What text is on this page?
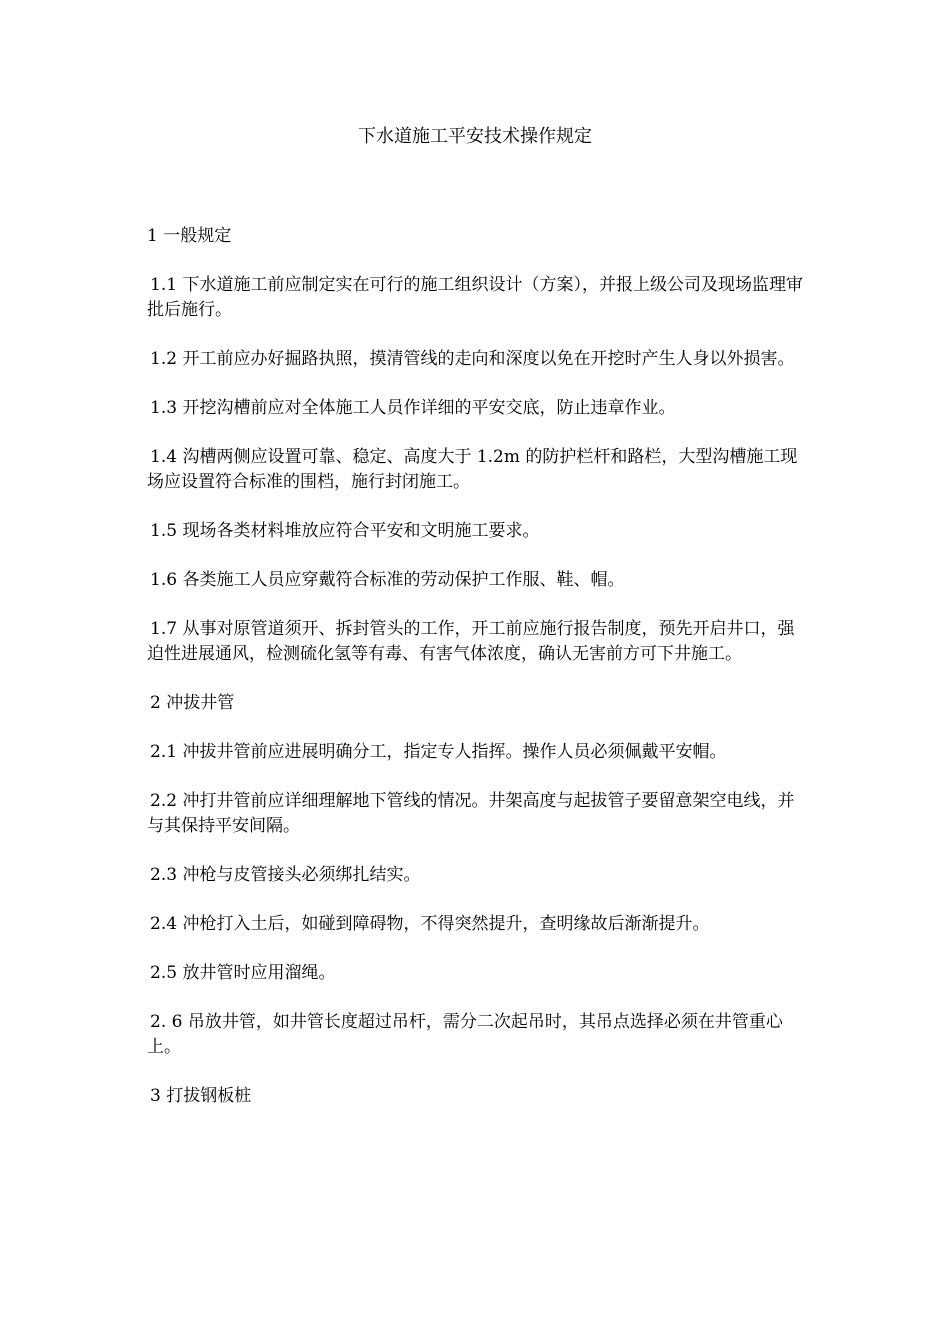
下水道施工平安技术操作规定

1 一般规定

1.1 下水道施工前应制定实在可行的施工组织设计（方案），并报上级公司及现场监理审批后施行。

1.2 开工前应办好掘路执照，摸清管线的走向和深度以免在开挖时产生人身以外损害。

1.3 开挖沟槽前应对全体施工人员作详细的平安交底，防止违章作业。

1.4 沟槽两侧应设置可靠、稳定、高度大于 1.2m 的防护栏杆和路栏，大型沟槽施工现场应设置符合标准的围档，施行封闭施工。

1.5 现场各类材料堆放应符合平安和文明施工要求。

1.6 各类施工人员应穿戴符合标准的劳动保护工作服、鞋、帽。

1.7 从事对原管道须开、拆封管头的工作，开工前应施行报告制度，预先开启井口，强迫性进展通风，检测硫化氢等有毒、有害气体浓度，确认无害前方可下井施工。

2 冲拔井管

2.1 冲拔井管前应进展明确分工，指定专人指挥。操作人员必须佩戴平安帽。

2.2 冲打井管前应详细理解地下管线的情况。井架高度与起拔管子要留意架空电线，并与其保持平安间隔。

2.3 冲枪与皮管接头必须绑扎结实。

2.4 冲枪打入土后，如碰到障碍物，不得突然提升，查明缘故后渐渐提升。

2.5 放井管时应用溜绳。

2. 6 吊放井管，如井管长度超过吊杆，需分二次起吊时，其吊点选择必须在井管重心上。

3 打拔钢板桩
